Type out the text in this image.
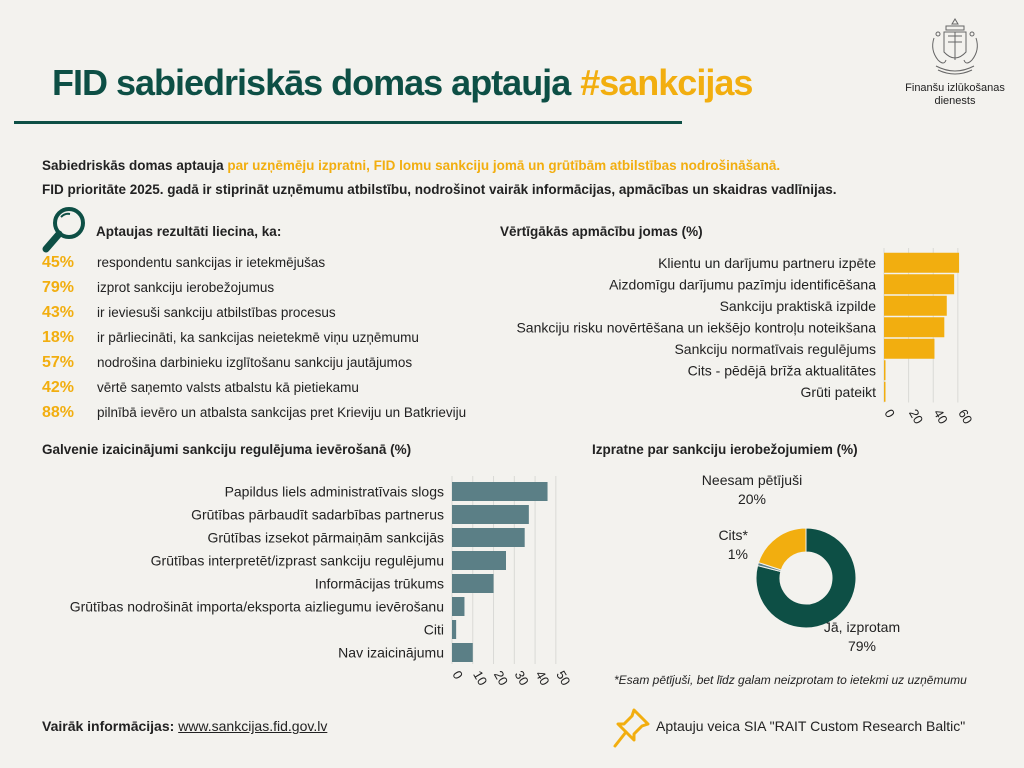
FID sabiedriskās domas aptauja #sankcijas	Finanšu izlūkošanas
dienests
Sabiedriskās domas aptauja par uzņēmēju izpratni, FID lomu sankciju jomā un grūtībām atbilstības nodrošināšanā.
FID prioritāte 2025. gadā ir stiprināt uzņēmumu atbilstību, nodrošinot vairāk informācijas, apmācības un skaidras vadlīnijas.
Aptaujas rezultāti liecina, ka:
45% respondentu sankcijas ir ietekmējušas
79% izprot sankciju ierobežojumus
43% ir ieviesuši sankciju atbilstības procesus
18% ir pārliecināti, ka sankcijas neietekmē viņu uzņēmumu
57% nodrošina darbinieku izglītošanu sankciju jautājumos
42% vērtē saņemto valsts atbalstu kā pietiekamu
88% pilnībā ievēro un atbalsta sankcijas pret Krieviju un Batkrieviju
Vērtīgākās apmācību jomas (%)
Klientu un darījumu partneru izpēte
Aizdomīgu darījumu pazīmju identificēšana
Sankciju praktiskā izpilde
Sankciju risku novērtēšana un iekšējo kontroļu noteikšana
Sankciju normatīvais regulējums
Cits - pēdējā brīža aktualitātes
Grūti pateikt
0 20 40 60
Galvenie izaicinājumi sankciju regulējuma ievērošanā (%)
Papildus liels administratīvais slogs
Grūtības pārbaudīt sadarbības partnerus
Grūtības izsekot pārmaiņām sankcijās
Grūtības interpretēt/izprast sankciju regulējumu
Informācijas trūkums
Grūtības nodrošināt importa/eksporta aizliegumu ievērošanu
Citi
Nav izaicinājumu
0 10 20 30 40 50
Izpratne par sankciju ierobežojumiem (%)
Neesam pētījuši
20%
Cits*
1%
Jā, izprotam
79%
*Esam pētījuši, bet līdz galam neizprotam to ietekmi uz uzņēmumu
Vairāk informācijas: www.sankcijas.fid.gov.lv	Aptauju veica SIA "RAIT Custom Research Baltic"
